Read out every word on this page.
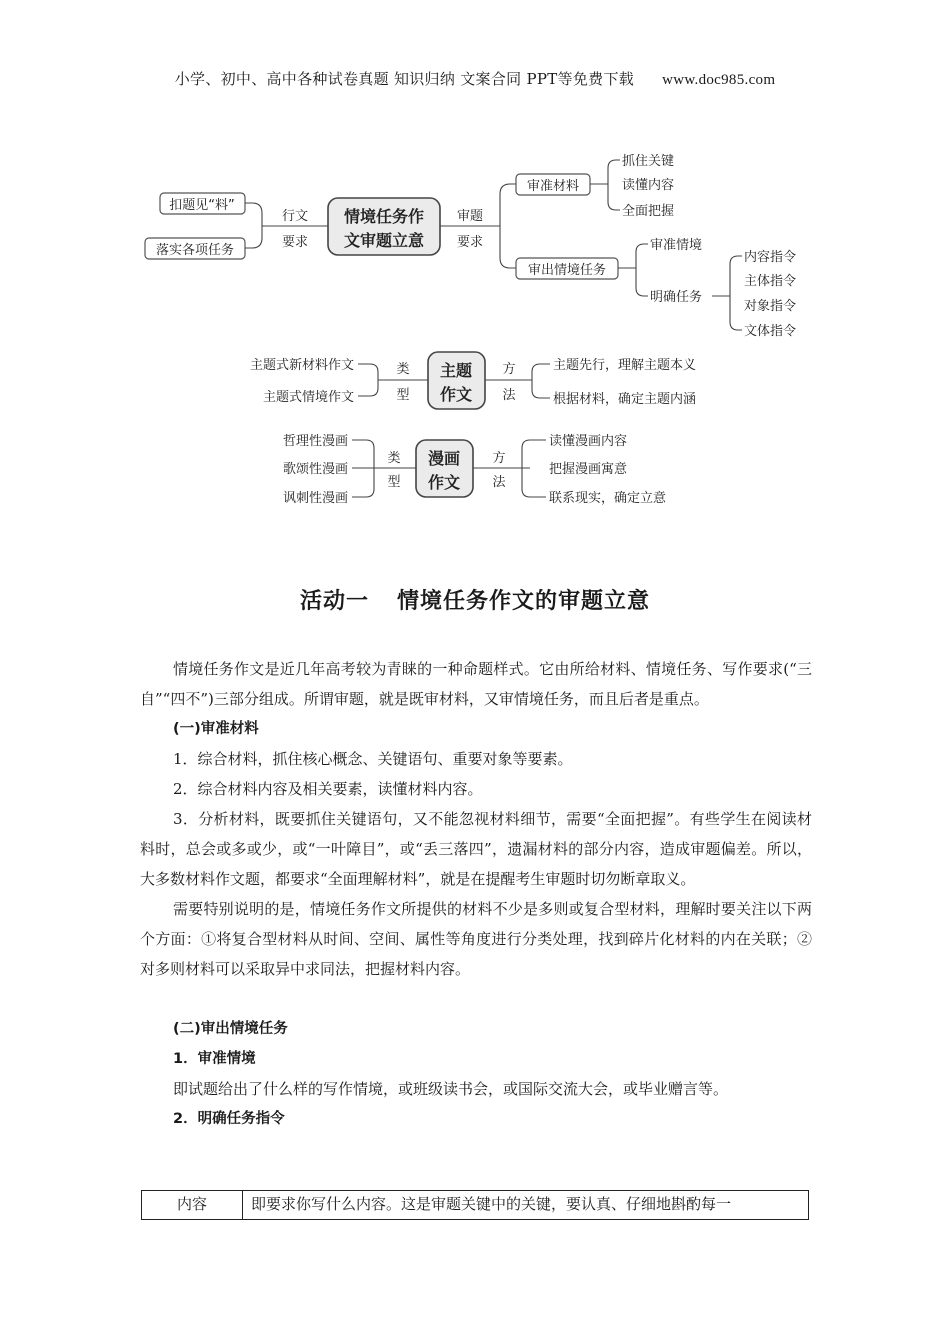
小学、初中、高中各种试卷真题 知识归纳 文案合同 PPT等免费下载 www.doc985.com
扣题见“料”
落实各项任务
行文
要求
情境任务作
文审题立意
审题
要求
审准材料
抓住关键
读懂内容
全面把握
审出情境任务
审准情境
明确任务
内容指令
主体指令
对象指令
文体指令
主题式新材料作文
主题式情境作文
类
型
主题
作文
方
法
主题先行，理解主题本义
根据材料，确定主题内涵
哲理性漫画
歌颂性漫画
讽刺性漫画
类
型
漫画
作文
方
法
读懂漫画内容
把握漫画寓意
联系现实，确定立意
活动一 情境任务作文的审题立意

情境任务作文是近几年高考较为青睐的一种命题样式。它由所给材料、情境任务、写作要求(“三自”“四不”)三部分组成。所谓审题，就是既审材料，又审情境任务，而且后者是重点。

(一)审准材料

1．综合材料，抓住核心概念、关键语句、重要对象等要素。

2．综合材料内容及相关要素，读懂材料内容。

3．分析材料，既要抓住关键语句，又不能忽视材料细节，需要“全面把握”。有些学生在阅读材料时，总会或多或少，或“一叶障目”，或“丢三落四”，遗漏材料的部分内容，造成审题偏差。所以，大多数材料作文题，都要求“全面理解材料”，就是在提醒考生审题时切勿断章取义。

需要特别说明的是，情境任务作文所提供的材料不少是多则或复合型材料，理解时要关注以下两个方面：①将复合型材料从时间、空间、属性等角度进行分类处理，找到碎片化材料的内在关联；②对多则材料可以采取异中求同法，把握材料内容。

(二)审出情境任务

1．审准情境

即试题给出了什么样的写作情境，或班级读书会，或国际交流大会，或毕业赠言等。

2．明确任务指令

内容	即要求你写什么内容。这是审题关键中的关键，要认真、仔细地斟酌每一
